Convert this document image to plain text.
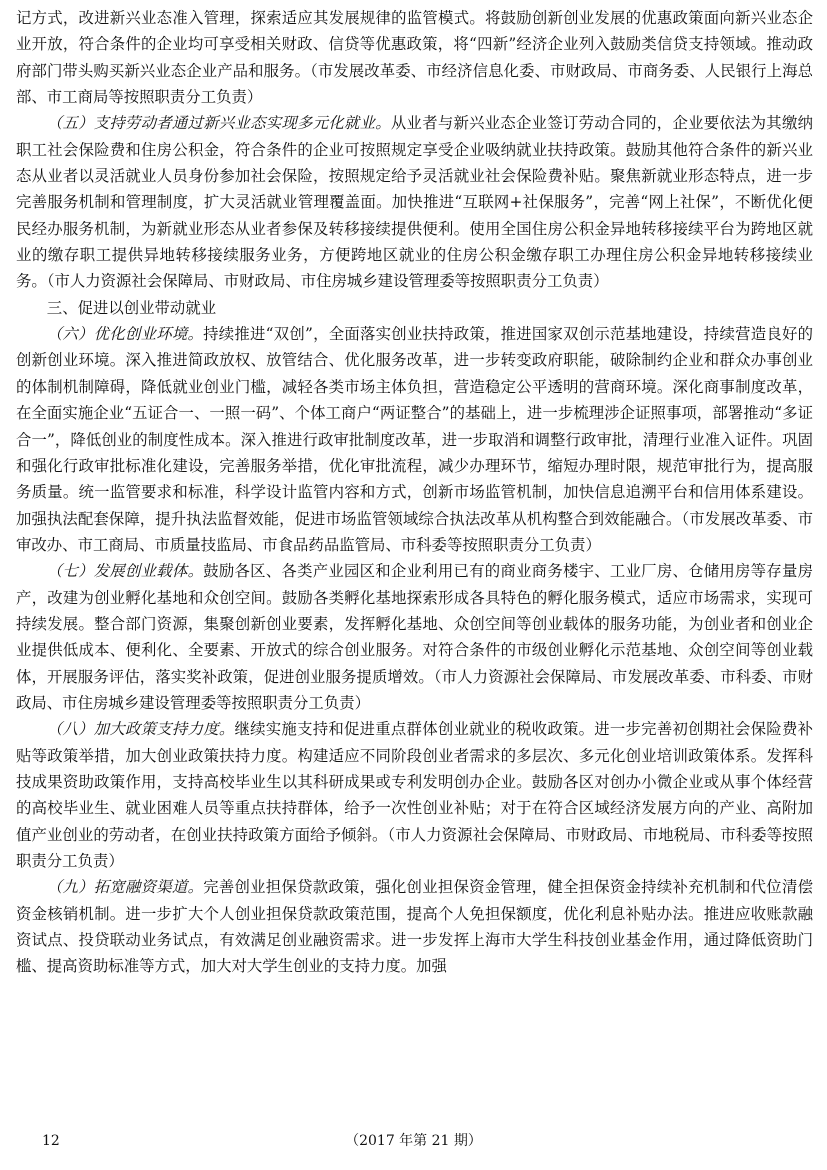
记方式，改进新兴业态准入管理，探索适应其发展规律的监管模式。将鼓励创新创业发展的优惠政策面向新兴业态企业开放，符合条件的企业均可享受相关财政、信贷等优惠政策，将“四新”经济企业列入鼓励类信贷支持领域。推动政府部门带头购买新兴业态企业产品和服务。（市发展改革委、市经济信息化委、市财政局、市商务委、人民银行上海总部、市工商局等按照职责分工负责）

（五）支持劳动者通过新兴业态实现多元化就业。从业者与新兴业态企业签订劳动合同的，企业要依法为其缴纳职工社会保险费和住房公积金，符合条件的企业可按照规定享受企业吸纳就业扶持政策。鼓励其他符合条件的新兴业态从业者以灵活就业人员身份参加社会保险，按照规定给予灵活就业社会保险费补贴。聚焦新就业形态特点，进一步完善服务机制和管理制度，扩大灵活就业管理覆盖面。加快推进“互联网+社保服务”，完善“网上社保”，不断优化便民经办服务机制，为新就业形态从业者参保及转移接续提供便利。使用全国住房公积金异地转移接续平台为跨地区就业的缴存职工提供异地转移接续服务业务，方便跨地区就业的住房公积金缴存职工办理住房公积金异地转移接续业务。（市人力资源社会保障局、市财政局、市住房城乡建设管理委等按照职责分工负责）

三、促进以创业带动就业

（六）优化创业环境。持续推进“双创”，全面落实创业扶持政策，推进国家双创示范基地建设，持续营造良好的创新创业环境。深入推进简政放权、放管结合、优化服务改革，进一步转变政府职能，破除制约企业和群众办事创业的体制机制障碍，降低就业创业门槛，减轻各类市场主体负担，营造稳定公平透明的营商环境。深化商事制度改革，在全面实施企业“五证合一、一照一码”、个体工商户“两证整合”的基础上，进一步梳理涉企证照事项，部署推动“多证合一”，降低创业的制度性成本。深入推进行政审批制度改革，进一步取消和调整行政审批，清理行业准入证件。巩固和强化行政审批标准化建设，完善服务举措，优化审批流程，减少办理环节，缩短办理时限，规范审批行为，提高服务质量。统一监管要求和标准，科学设计监管内容和方式，创新市场监管机制，加快信息追溯平台和信用体系建设。加强执法配套保障，提升执法监督效能，促进市场监管领域综合执法改革从机构整合到效能融合。（市发展改革委、市审改办、市工商局、市质量技监局、市食品药品监管局、市科委等按照职责分工负责）

（七）发展创业载体。鼓励各区、各类产业园区和企业利用已有的商业商务楼宇、工业厂房、仓储用房等存量房产，改建为创业孵化基地和众创空间。鼓励各类孵化基地探索形成各具特色的孵化服务模式，适应市场需求，实现可持续发展。整合部门资源，集聚创新创业要素，发挥孵化基地、众创空间等创业载体的服务功能，为创业者和创业企业提供低成本、便利化、全要素、开放式的综合创业服务。对符合条件的市级创业孵化示范基地、众创空间等创业载体，开展服务评估，落实奖补政策，促进创业服务提质增效。（市人力资源社会保障局、市发展改革委、市科委、市财政局、市住房城乡建设管理委等按照职责分工负责）

（八）加大政策支持力度。继续实施支持和促进重点群体创业就业的税收政策。进一步完善初创期社会保险费补贴等政策举措，加大创业政策扶持力度。构建适应不同阶段创业者需求的多层次、多元化创业培训政策体系。发挥科技成果资助政策作用，支持高校毕业生以其科研成果或专利发明创办企业。鼓励各区对创办小微企业或从事个体经营的高校毕业生、就业困难人员等重点扶持群体，给予一次性创业补贴；对于在符合区域经济发展方向的产业、高附加值产业创业的劳动者，在创业扶持政策方面给予倾斜。（市人力资源社会保障局、市财政局、市地税局、市科委等按照职责分工负责）

（九）拓宽融资渠道。完善创业担保贷款政策，强化创业担保资金管理，健全担保资金持续补充机制和代位清偿资金核销机制。进一步扩大个人创业担保贷款政策范围，提高个人免担保额度，优化利息补贴办法。推进应收账款融资试点、投贷联动业务试点，有效满足创业融资需求。进一步发挥上海市大学生科技创业基金作用，通过降低资助门槛、提高资助标准等方式，加大对大学生创业的支持力度。加强

12	（2017 年第 21 期）
